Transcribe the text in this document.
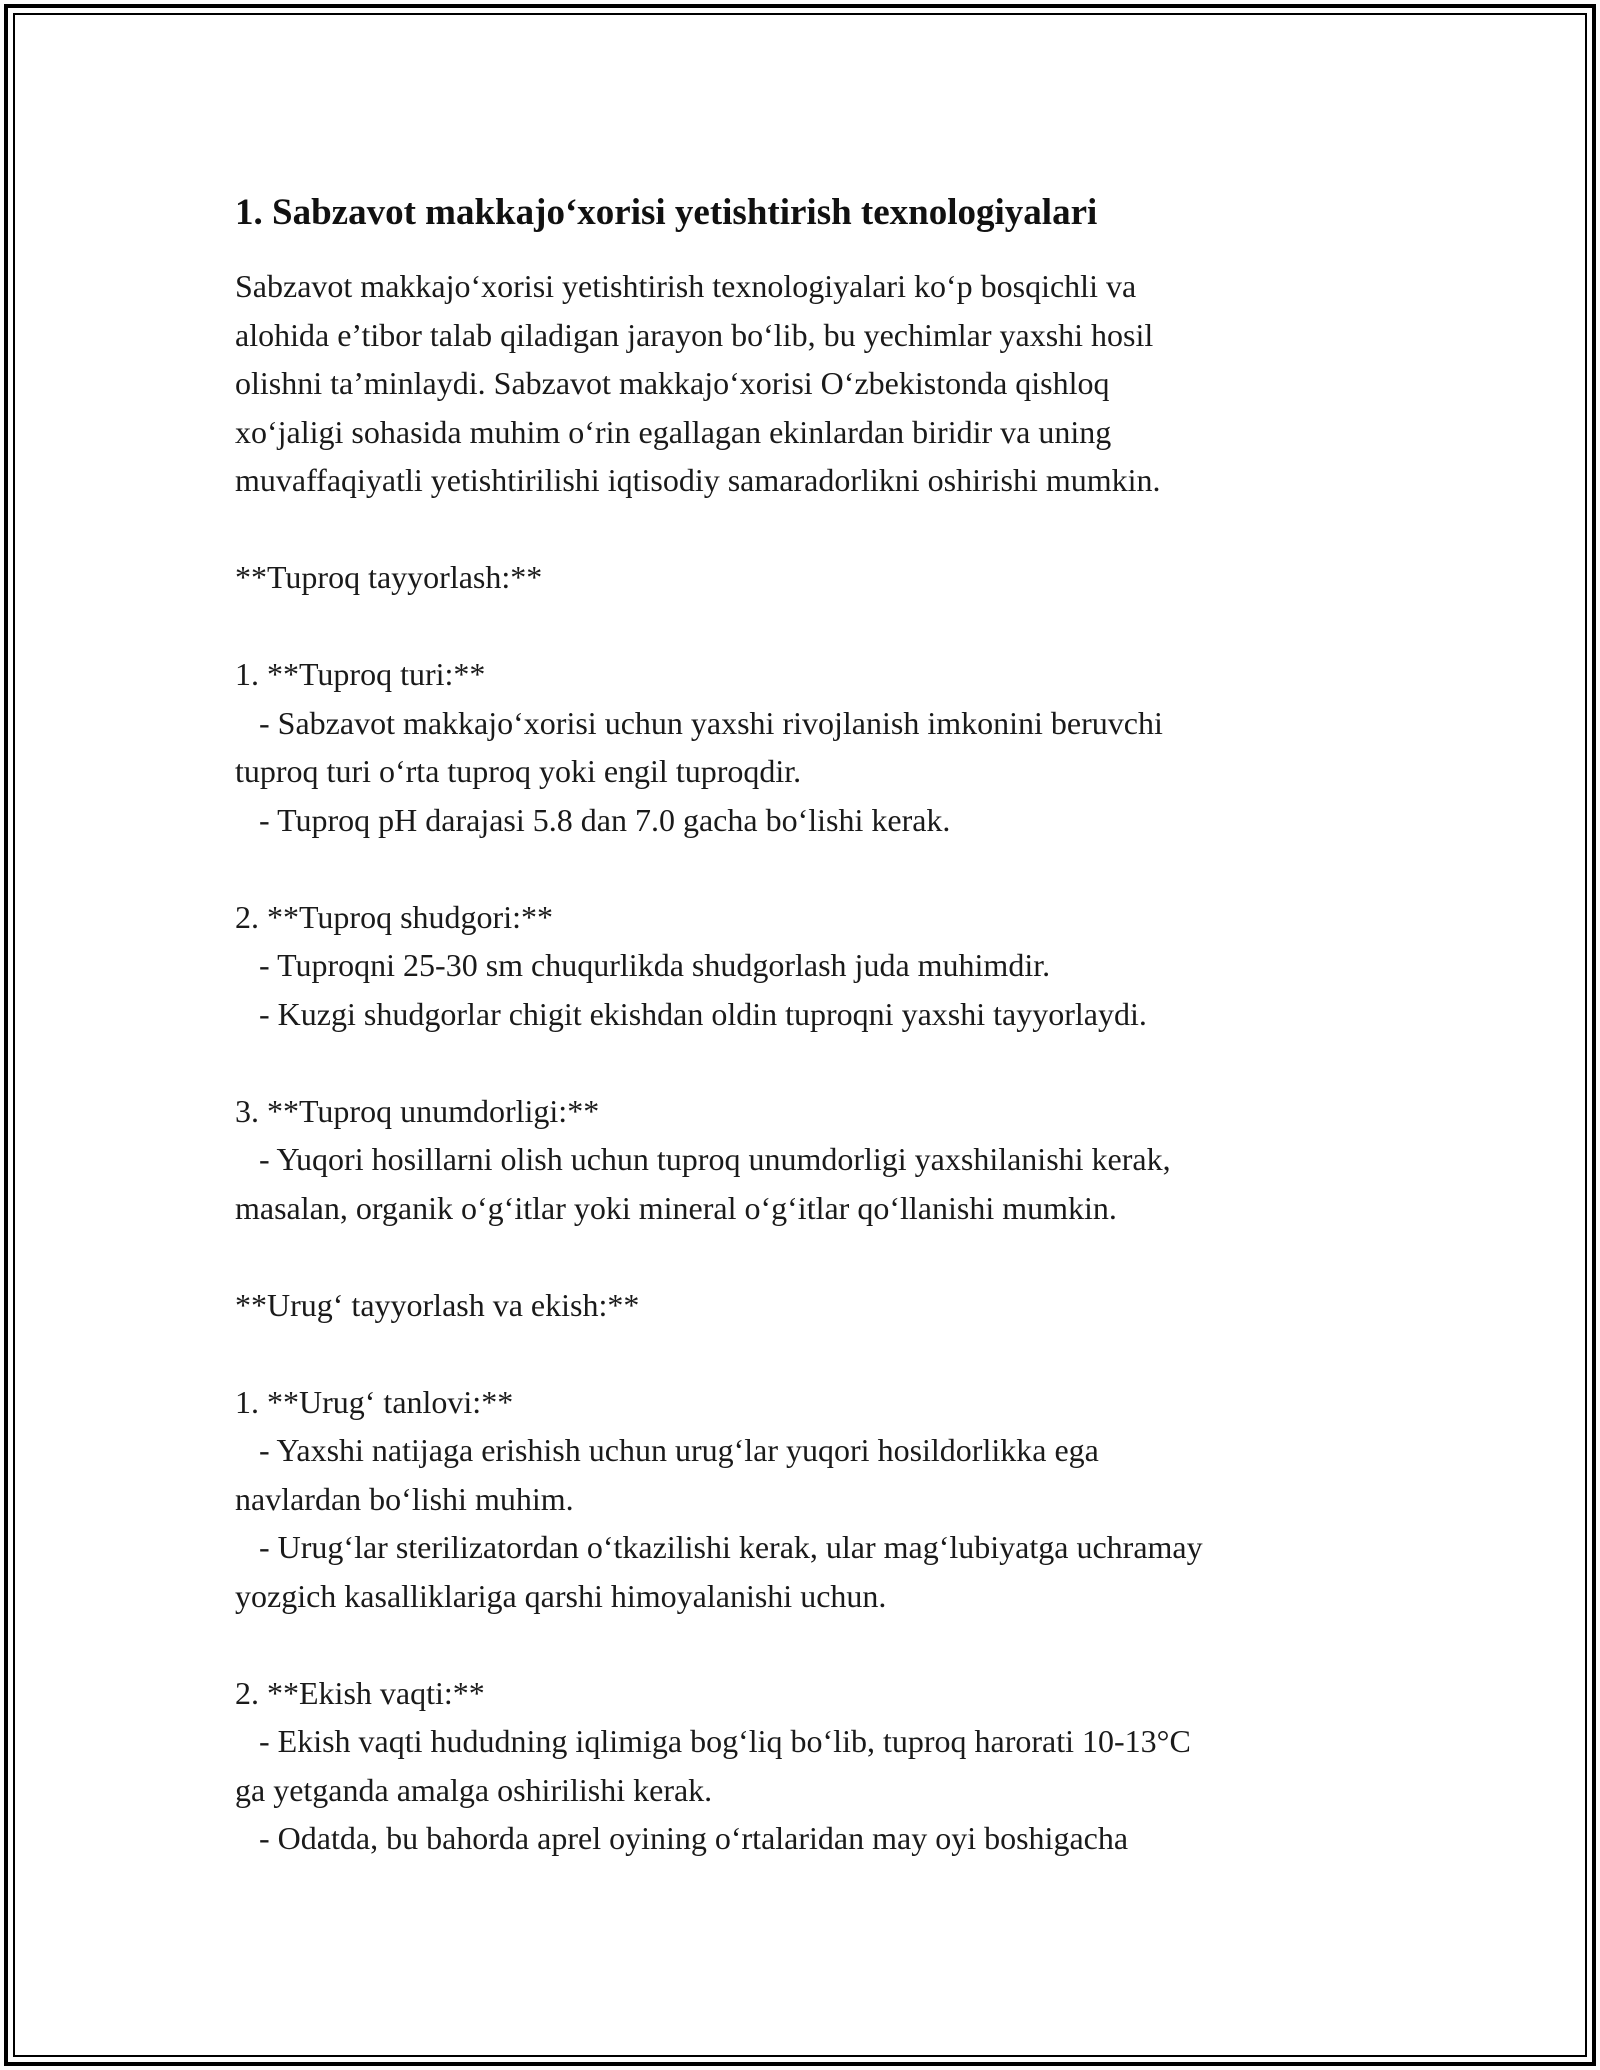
1. Sabzavot makkajo‘xorisi yetishtirish texnologiyalari

Sabzavot makkajo‘xorisi yetishtirish texnologiyalari ko‘p bosqichli va

alohida e’tibor talab qiladigan jarayon bo‘lib, bu yechimlar yaxshi hosil

olishni ta’minlaydi. Sabzavot makkajo‘xorisi O‘zbekistonda qishloq

xo‘jaligi sohasida muhim o‘rin egallagan ekinlardan biridir va uning

muvaffaqiyatli yetishtirilishi iqtisodiy samaradorlikni oshirishi mumkin.

**Tuproq tayyorlash:**

1. **Tuproq turi:**

- Sabzavot makkajo‘xorisi uchun yaxshi rivojlanish imkonini beruvchi

tuproq turi o‘rta tuproq yoki engil tuproqdir.

- Tuproq pH darajasi 5.8 dan 7.0 gacha bo‘lishi kerak.

2. **Tuproq shudgori:**

- Tuproqni 25-30 sm chuqurlikda shudgorlash juda muhimdir.

- Kuzgi shudgorlar chigit ekishdan oldin tuproqni yaxshi tayyorlaydi.

3. **Tuproq unumdorligi:**

- Yuqori hosillarni olish uchun tuproq unumdorligi yaxshilanishi kerak,

masalan, organik o‘g‘itlar yoki mineral o‘g‘itlar qo‘llanishi mumkin.

**Urug‘ tayyorlash va ekish:**

1. **Urug‘ tanlovi:**

- Yaxshi natijaga erishish uchun urug‘lar yuqori hosildorlikka ega

navlardan bo‘lishi muhim.

- Urug‘lar sterilizatordan o‘tkazilishi kerak, ular mag‘lubiyatga uchramay

yozgich kasalliklariga qarshi himoyalanishi uchun.

2. **Ekish vaqti:**

- Ekish vaqti hududning iqlimiga bog‘liq bo‘lib, tuproq harorati 10-13°C

ga yetganda amalga oshirilishi kerak.

- Odatda, bu bahorda aprel oyining o‘rtalaridan may oyi boshigacha
